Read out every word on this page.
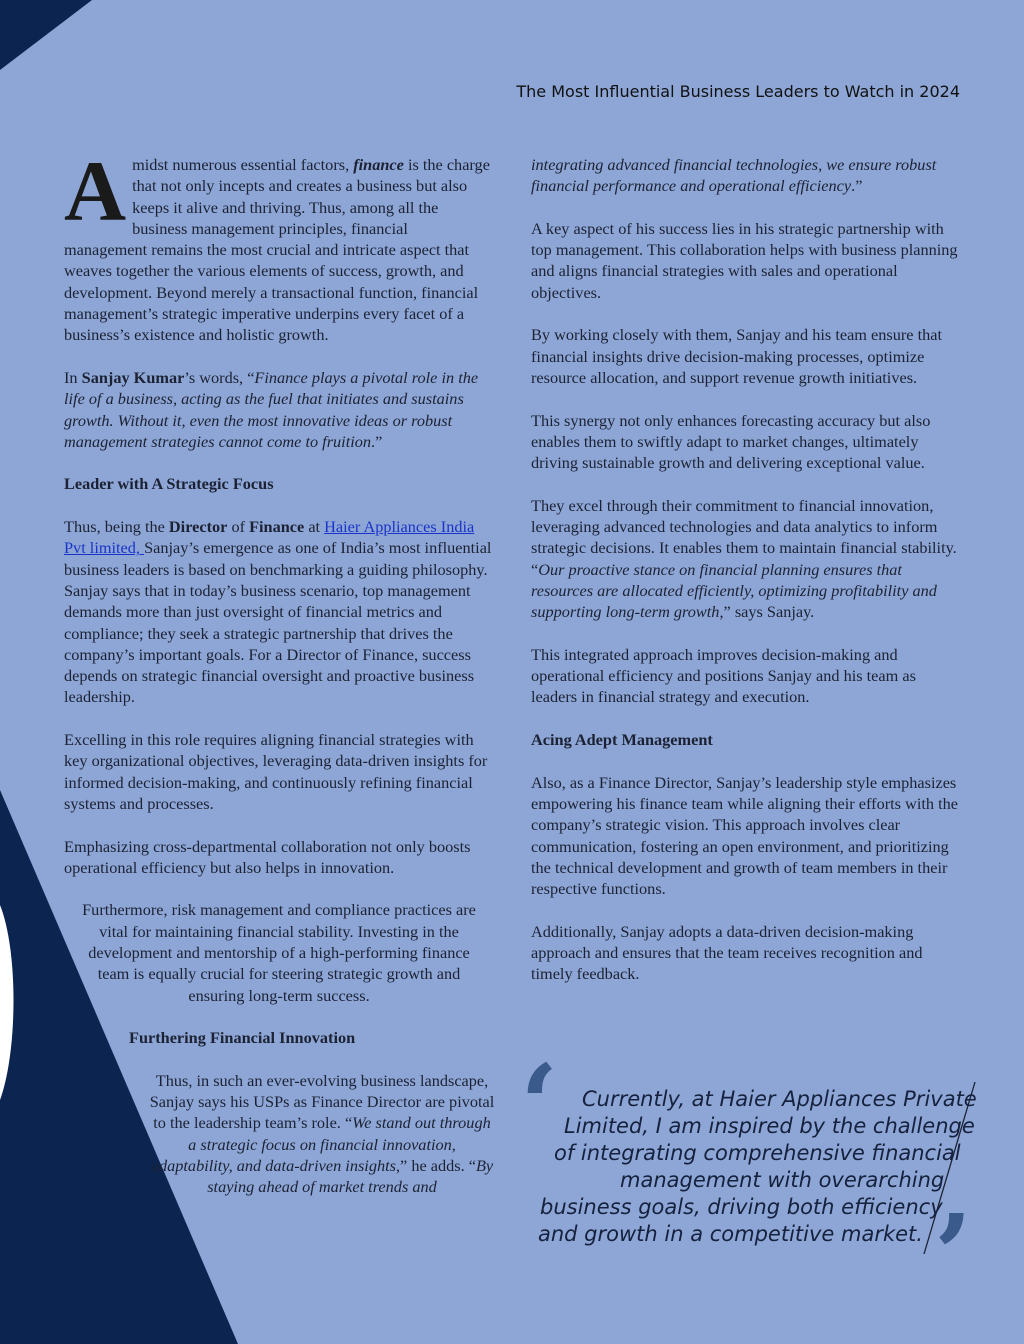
The Most Influential Business Leaders to Watch in 2024

Amidst numerous essential factors, finance is the charge that not only incepts and creates a business but also keeps it alive and thriving. Thus, among all the business management principles, financial management remains the most crucial and intricate aspect that weaves together the various elements of success, growth, and development. Beyond merely a transactional function, financial management’s strategic imperative underpins every facet of a business’s existence and holistic growth.

In Sanjay Kumar’s words, “Finance plays a pivotal role in the life of a business, acting as the fuel that initiates and sustains growth. Without it, even the most innovative ideas or robust management strategies cannot come to fruition.”

Leader with A Strategic Focus

Thus, being the Director of Finance at Haier Appliances India Pvt limited, Sanjay’s emergence as one of India’s most influential business leaders is based on benchmarking a guiding philosophy. Sanjay says that in today’s business scenario, top management demands more than just oversight of financial metrics and compliance; they seek a strategic partnership that drives the company’s important goals. For a Director of Finance, success depends on strategic financial oversight and proactive business leadership.

Excelling in this role requires aligning financial strategies with key organizational objectives, leveraging data-driven insights for informed decision-making, and continuously refining financial systems and processes.

Emphasizing cross-departmental collaboration not only boosts operational efficiency but also helps in innovation.

Furthermore, risk management and compliance practices are vital for maintaining financial stability. Investing in the development and mentorship of a high-performing finance team is equally crucial for steering strategic growth and ensuring long-term success.

Furthering Financial Innovation

Thus, in such an ever-evolving business landscape, Sanjay says his USPs as Finance Director are pivotal to the leadership team’s role. “We stand out through a strategic focus on financial innovation, adaptability, and data-driven insights,” he adds. “By staying ahead of market trends and

integrating advanced financial technologies, we ensure robust financial performance and operational efficiency.”

A key aspect of his success lies in his strategic partnership with top management. This collaboration helps with business planning and aligns financial strategies with sales and operational objectives.

By working closely with them, Sanjay and his team ensure that financial insights drive decision-making processes, optimize resource allocation, and support revenue growth initiatives.

This synergy not only enhances forecasting accuracy but also enables them to swiftly adapt to market changes, ultimately driving sustainable growth and delivering exceptional value.

They excel through their commitment to financial innovation, leveraging advanced technologies and data analytics to inform strategic decisions. It enables them to maintain financial stability. “Our proactive stance on financial planning ensures that resources are allocated efficiently, optimizing profitability and supporting long-term growth,” says Sanjay.

This integrated approach improves decision-making and operational efficiency and positions Sanjay and his team as leaders in financial strategy and execution.

Acing Adept Management

Also, as a Finance Director, Sanjay’s leadership style emphasizes empowering his finance team while aligning their efforts with the company’s strategic vision. This approach involves clear communication, fostering an open environment, and prioritizing the technical development and growth of team members in their respective functions.

Additionally, Sanjay adopts a data-driven decision-making approach and ensures that the team receives recognition and timely feedback.

‘
’
Currently, at Haier Appliances Private
Limited, I am inspired by the challenge
of integrating comprehensive financial
management with overarching
business goals, driving both efficiency
and growth in a competitive market.
